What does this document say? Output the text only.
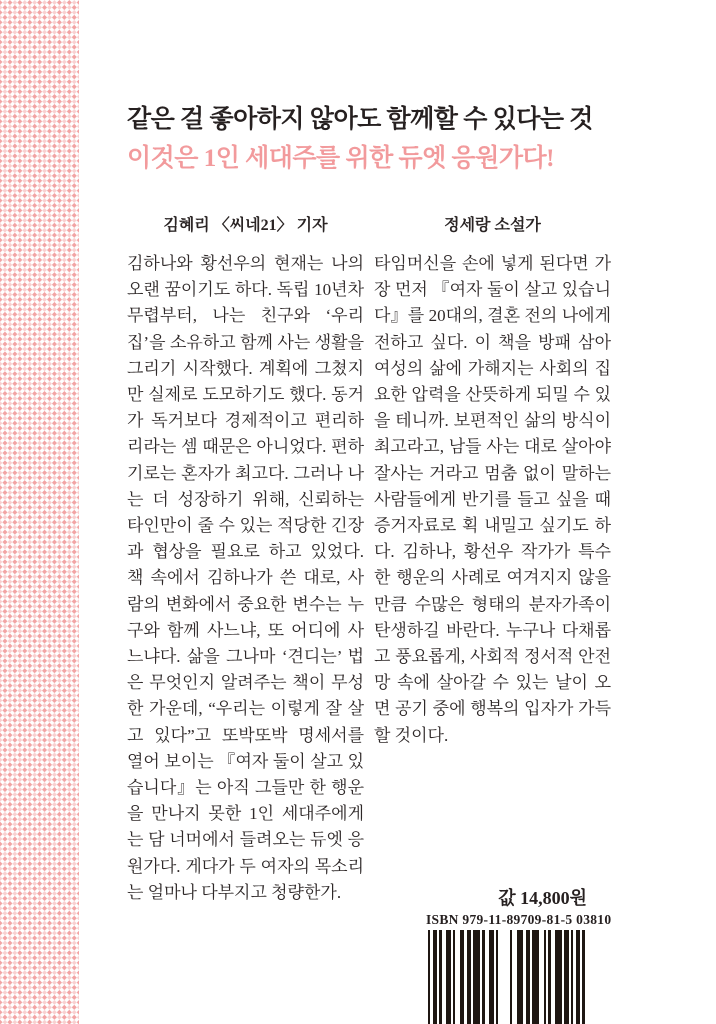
같은 걸 좋아하지 않아도 함께할 수 있다는 것
이것은 1인 세대주를 위한 듀엣 응원가다!
김혜리 〈씨네21〉 기자
김하나와 황선우의 현재는 나의 오랜 꿈이기도 하다. 독립 10년차 무렵부터, 나는 친구와 ‘우리 집’을 소유하고 함께 사는 생활을 그리기 시작했다. 계획에 그쳤지만 실제로 도모하기도 했다. 동거가 독거보다 경제적이고 편리하리라는 셈 때문은 아니었다. 편하기로는 혼자가 최고다. 그러나 나는 더 성장하기 위해, 신뢰하는 타인만이 줄 수 있는 적당한 긴장과 협상을 필요로 하고 있었다. 책 속에서 김하나가 쓴 대로, 사람의 변화에서 중요한 변수는 누구와 함께 사느냐, 또 어디에 사느냐다. 삶을 그나마 ‘견디는’ 법은 무엇인지 알려주는 책이 무성한 가운데, “우리는 이렇게 잘 살고 있다”고 또박또박 명세서를 열어 보이는 『여자 둘이 살고 있습니다』는 아직 그들만 한 행운을 만나지 못한 1인 세대주에게는 담 너머에서 들려오는 듀엣 응원가다. 게다가 두 여자의 목소리는 얼마나 다부지고 청량한가.
정세랑 소설가
타임머신을 손에 넣게 된다면 가장 먼저 『여자 둘이 살고 있습니다』를 20대의, 결혼 전의 나에게 전하고 싶다. 이 책을 방패 삼아 여성의 삶에 가해지는 사회의 집요한 압력을 산뜻하게 되밀 수 있을 테니까. 보편적인 삶의 방식이 최고라고, 남들 사는 대로 살아야 잘사는 거라고 멈춤 없이 말하는 사람들에게 반기를 들고 싶을 때 증거자료로 획 내밀고 싶기도 하다. 김하나, 황선우 작가가 특수한 행운의 사례로 여겨지지 않을 만큼 수많은 형태의 분자가족이 탄생하길 바란다. 누구나 다채롭고 풍요롭게, 사회적 정서적 안전망 속에 살아갈 수 있는 날이 오면 공기 중에 행복의 입자가 가득할 것이다.
값 14,800원
ISBN 979-11-89709-81-5 03810
